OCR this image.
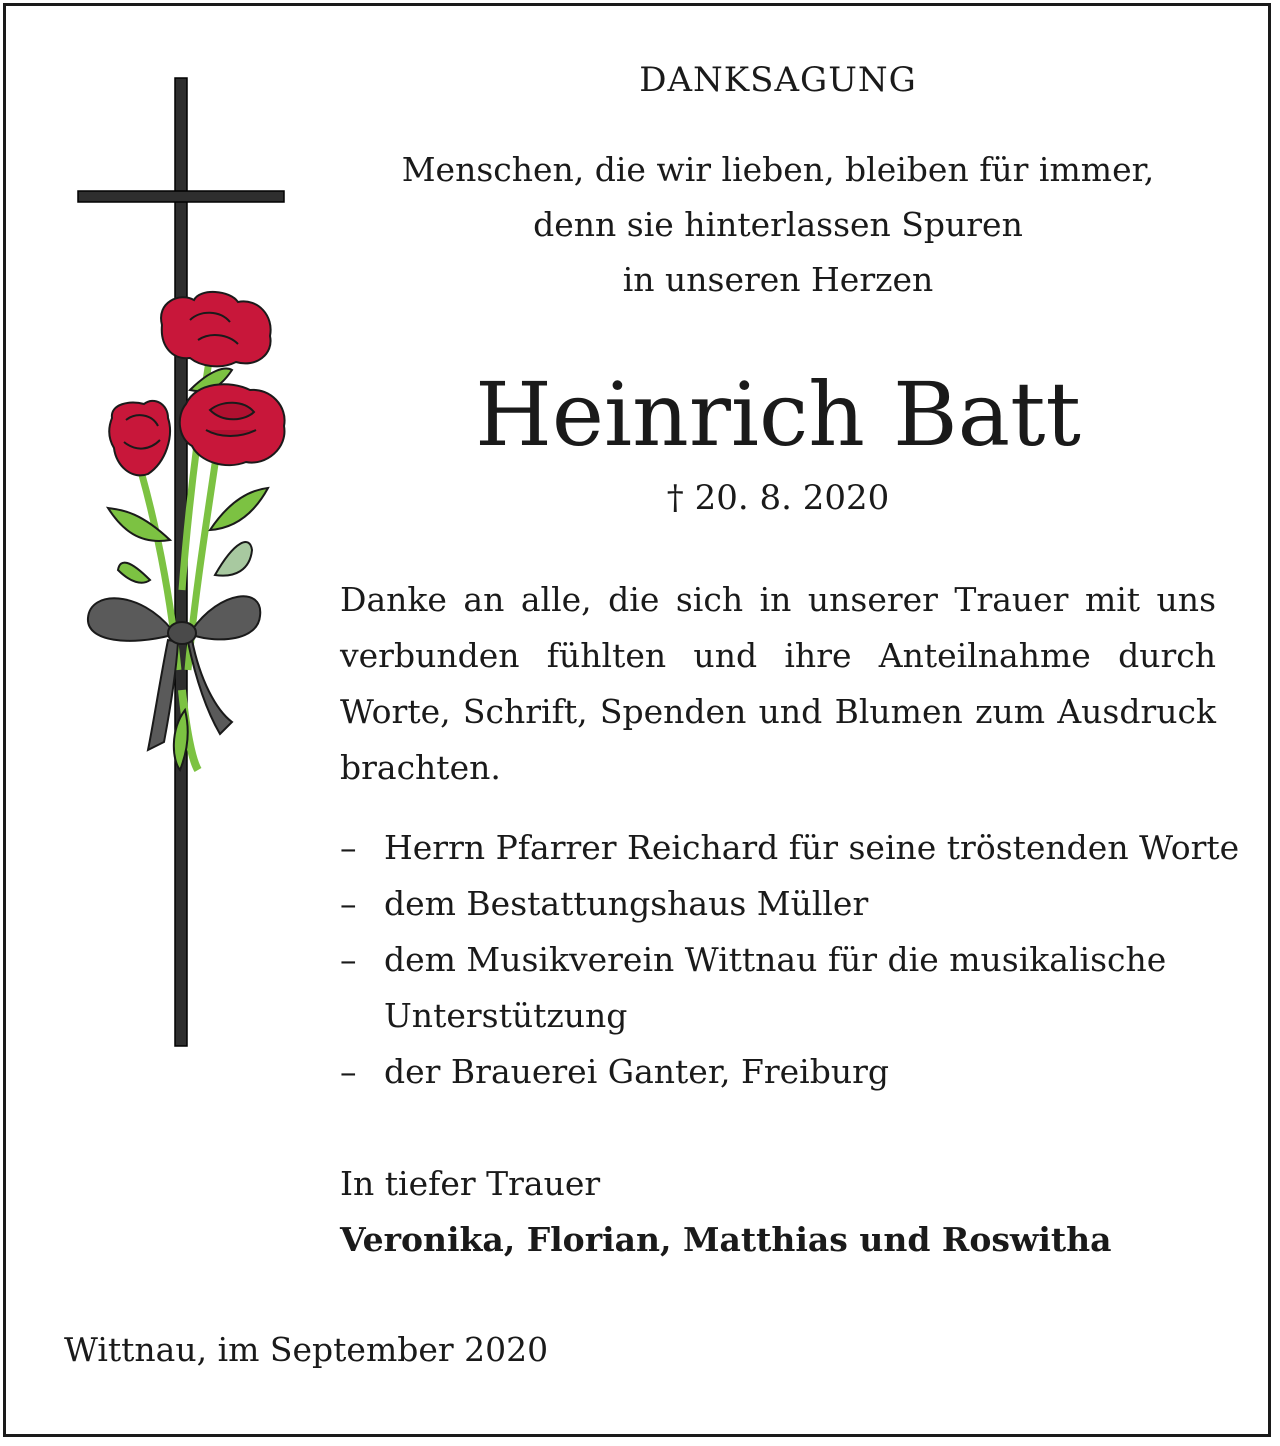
DANKSAGUNG
Menschen, die wir lieben, bleiben für immer,
denn sie hinterlassen Spuren
in unseren Herzen
Heinrich Batt
† 20. 8. 2020
Danke an alle, die sich in unserer Trauer mit uns verbunden fühlten und ihre Anteilnahme durch Worte, Schrift, Spenden und Blumen zum Ausdruck brachten.
– Herrn Pfarrer Reichard für seine tröstenden Worte
– dem Bestattungshaus Müller
– dem Musikverein Wittnau für die musikalische Unterstützung
– der Brauerei Ganter, Freiburg
In tiefer Trauer
Veronika, Florian, Matthias und Roswitha
Wittnau, im September 2020
